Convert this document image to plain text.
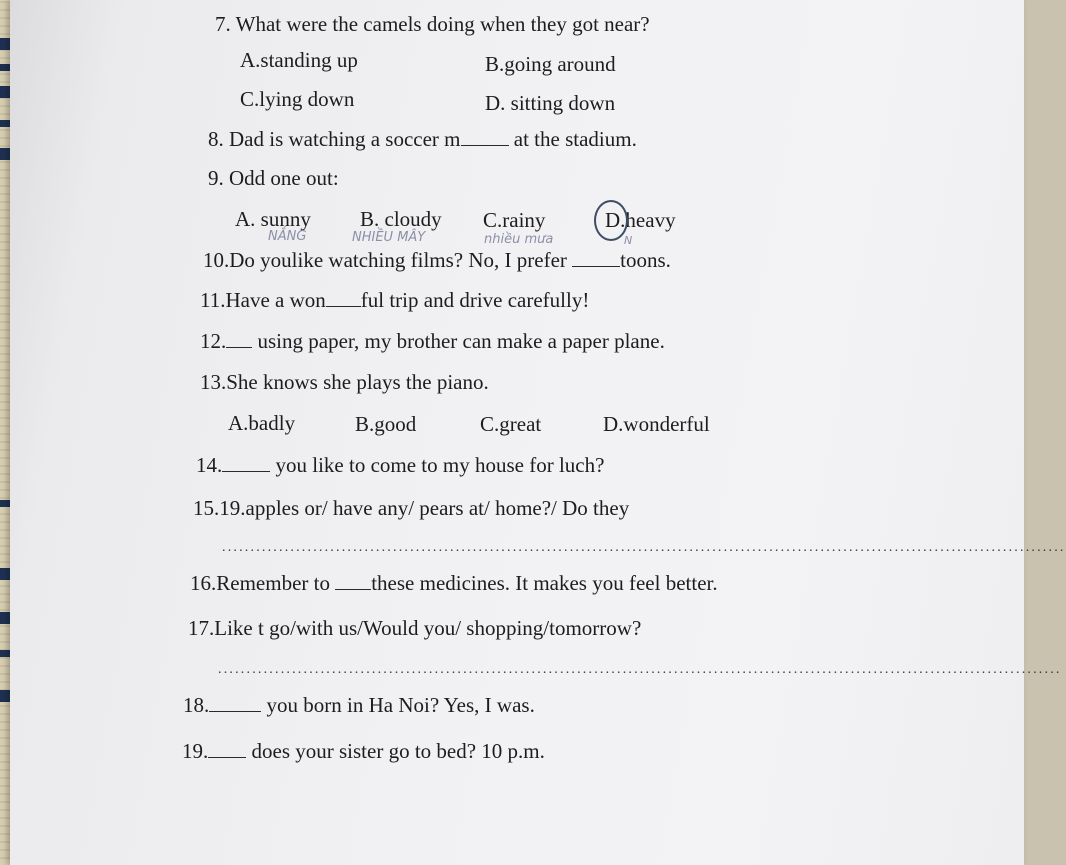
7. What were the camels doing when they got near?
A.standing up	B.going around
C.lying down	D. sitting down
8. Dad is watching a soccer m	at the stadium.
9. Odd one out:
A. sunny B. cloudy C.rainy	D.heavy
NẮNG	NHIỀU MÂY	nhiều mưa	N
10.Do youlike watching films? No, I prefer	toons.
11.Have a won ful trip and drive carefully!
12. using paper, my brother can make a paper plane.
13.She knows she plays the piano.
A.badly	B.good	C.great	D.wonderful
14.	you like to come to my house for luch?
15.19.apples or/ have any/ pears at/ home?/ Do they
....................................................................................................................................................
16.Remember to these medicines. It makes you feel better.
17.Like t go/with us/Would you/ shopping/tomorrow?
....................................................................................................................................................
18.	you born in Ha Noi? Yes, I was.
19. does your sister go to bed? 10 p.m.
